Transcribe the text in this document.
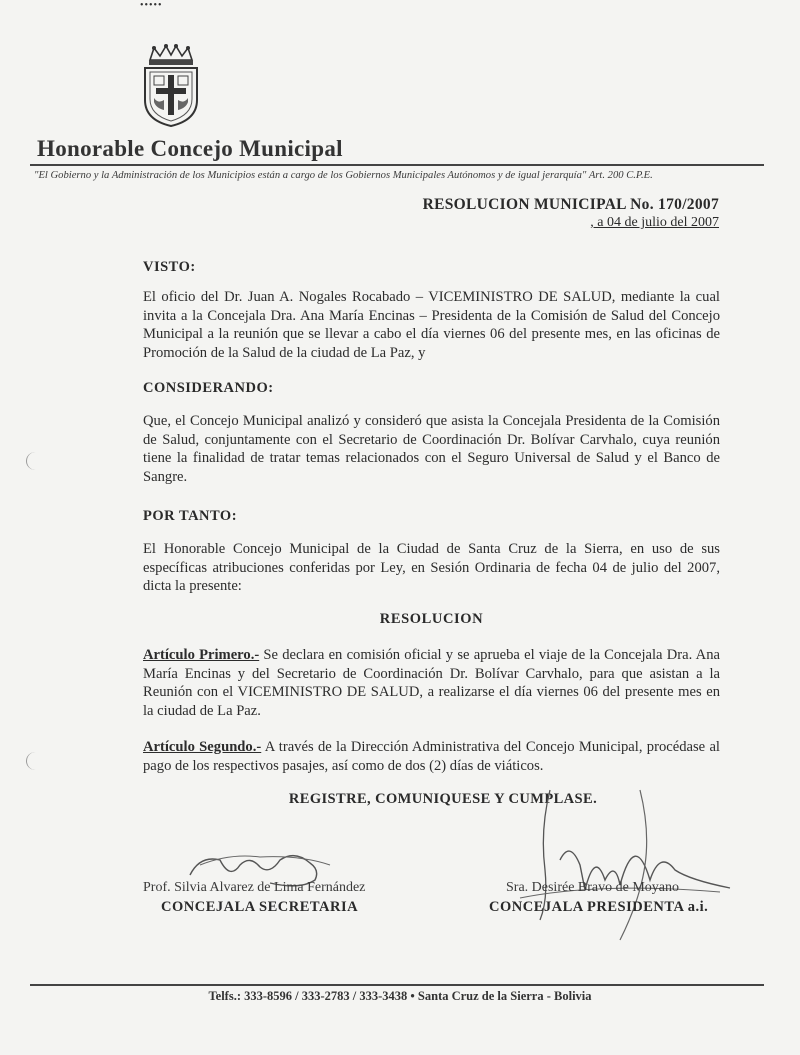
•••••
Honorable Concejo Municipal
"El Gobierno y la Administración de los Municipios están a cargo de los Gobiernos Municipales Autónomos y de igual jerarquía" Art. 200 C.P.E.
RESOLUCION MUNICIPAL No. 170/2007
, a 04 de julio del 2007
VISTO:
El oficio del Dr. Juan A. Nogales Rocabado – VICEMINISTRO DE SALUD, mediante la cual invita a la Concejala Dra. Ana María Encinas – Presidenta de la Comisión de Salud del Concejo Municipal a la reunión que se llevar a cabo el día viernes 06 del presente mes, en las oficinas de Promoción de la Salud de la ciudad de La Paz, y
CONSIDERANDO:
Que, el Concejo Municipal analizó y consideró que asista la Concejala Presidenta de la Comisión de Salud, conjuntamente con el Secretario de Coordinación Dr. Bolívar Carvhalo, cuya reunión tiene la finalidad de tratar temas relacionados con el Seguro Universal de Salud y el Banco de Sangre.
POR TANTO:
El Honorable Concejo Municipal de la Ciudad de Santa Cruz de la Sierra, en uso de sus específicas atribuciones conferidas por Ley, en Sesión Ordinaria de fecha 04 de julio del 2007, dicta la presente:
RESOLUCION
Artículo Primero.- Se declara en comisión oficial y se aprueba el viaje de la Concejala Dra. Ana María Encinas y del Secretario de Coordinación Dr. Bolívar Carvhalo, para que asistan a la Reunión con el VICEMINISTRO DE SALUD, a realizarse el día viernes 06 del presente mes en la ciudad de La Paz.
Artículo Segundo.- A través de la Dirección Administrativa del Concejo Municipal, procédase al pago de los respectivos pasajes, así como de dos (2) días de viáticos.
REGISTRE, COMUNIQUESE Y CUMPLASE.
Prof. Silvia Alvarez de Lima Fernández
CONCEJALA SECRETARIA
Sra. Desirée Bravo de Moyano
CONCEJALA PRESIDENTA a.i.
Telfs.: 333-8596 / 333-2783 / 333-3438 • Santa Cruz de la Sierra - Bolivia
